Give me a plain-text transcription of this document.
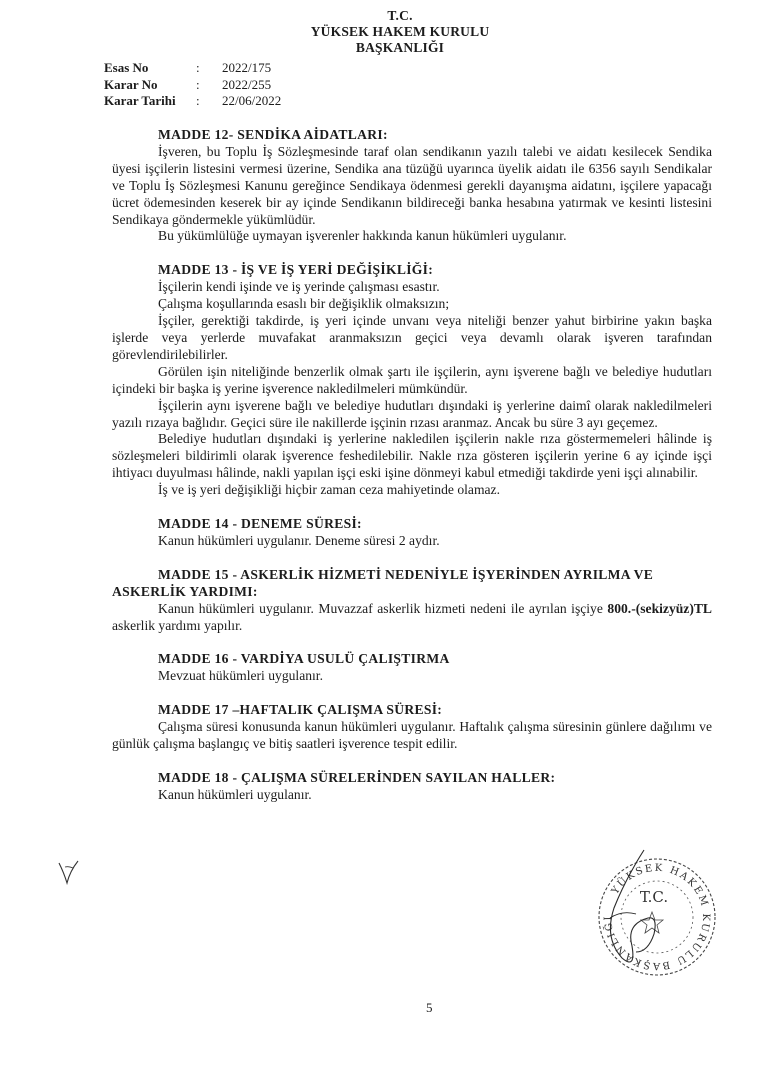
T.C.
YÜKSEK HAKEM KURULU
BAŞKANLIĞI
Esas No	:	2022/175
Karar No	:	2022/255
Karar Tarihi	:	22/06/2022
MADDE 12- SENDİKA AİDATLARI:

İşveren, bu Toplu İş Sözleşmesinde taraf olan sendikanın yazılı talebi ve aidatı kesilecek Sendika üyesi işçilerin listesini vermesi üzerine, Sendika ana tüzüğü uyarınca üyelik aidatı ile 6356 sayılı Sendikalar ve Toplu İş Sözleşmesi Kanunu gereğince Sendikaya ödenmesi gerekli dayanışma aidatını, işçilere yapacağı ücret ödemesinden keserek bir ay içinde Sendikanın bildireceği banka hesabına yatırmak ve kesinti listesini Sendikaya göndermekle yükümlüdür.

Bu yükümlülüğe uymayan işverenler hakkında kanun hükümleri uygulanır.

MADDE 13 - İŞ VE İŞ YERİ DEĞİŞİKLİĞİ:

İşçilerin kendi işinde ve iş yerinde çalışması esastır.

Çalışma koşullarında esaslı bir değişiklik olmaksızın;

İşçiler, gerektiği takdirde, iş yeri içinde unvanı veya niteliği benzer yahut birbirine yakın başka işlerde veya yerlerde muvafakat aranmaksızın geçici veya devamlı olarak işveren tarafından görevlendirilebilirler.

Görülen işin niteliğinde benzerlik olmak şartı ile işçilerin, aynı işverene bağlı ve belediye hudutları içindeki bir başka iş yerine işverence nakledilmeleri mümkündür.

İşçilerin aynı işverene bağlı ve belediye hudutları dışındaki iş yerlerine daimî olarak nakledilmeleri yazılı rızaya bağlıdır. Geçici süre ile nakillerde işçinin rızası aranmaz. Ancak bu süre 3 ayı geçemez.

Belediye hudutları dışındaki iş yerlerine nakledilen işçilerin nakle rıza göstermemeleri hâlinde iş sözleşmeleri bildirimli olarak işverence feshedilebilir. Nakle rıza gösteren işçilerin yerine 6 ay içinde işçi ihtiyacı duyulması hâlinde, nakli yapılan işçi eski işine dönmeyi kabul etmediği takdirde yeni işçi alınabilir.

İş ve iş yeri değişikliği hiçbir zaman ceza mahiyetinde olamaz.

MADDE 14 - DENEME SÜRESİ:

Kanun hükümleri uygulanır. Deneme süresi 2 aydır.

MADDE 15 - ASKERLİK HİZMETİ NEDENİYLE İŞYERİNDEN AYRILMA VE ASKERLİK YARDIMI:

Kanun hükümleri uygulanır. Muvazzaf askerlik hizmeti nedeni ile ayrılan işçiye 800.-(sekizyüz)TL askerlik yardımı yapılır.

MADDE 16 - VARDİYA USULÜ ÇALIŞTIRMA

Mevzuat hükümleri uygulanır.

MADDE 17 –HAFTALIK ÇALIŞMA SÜRESİ:

Çalışma süresi konusunda kanun hükümleri uygulanır. Haftalık çalışma süresinin günlere dağılımı ve günlük çalışma başlangıç ve bitiş saatleri işverence tespit edilir.

MADDE 18 - ÇALIŞMA SÜRELERİNDEN SAYILAN HALLER:

Kanun hükümleri uygulanır.

YÜKSEK HAKEM KURULU BAŞKANLIĞI
T.C.
5
